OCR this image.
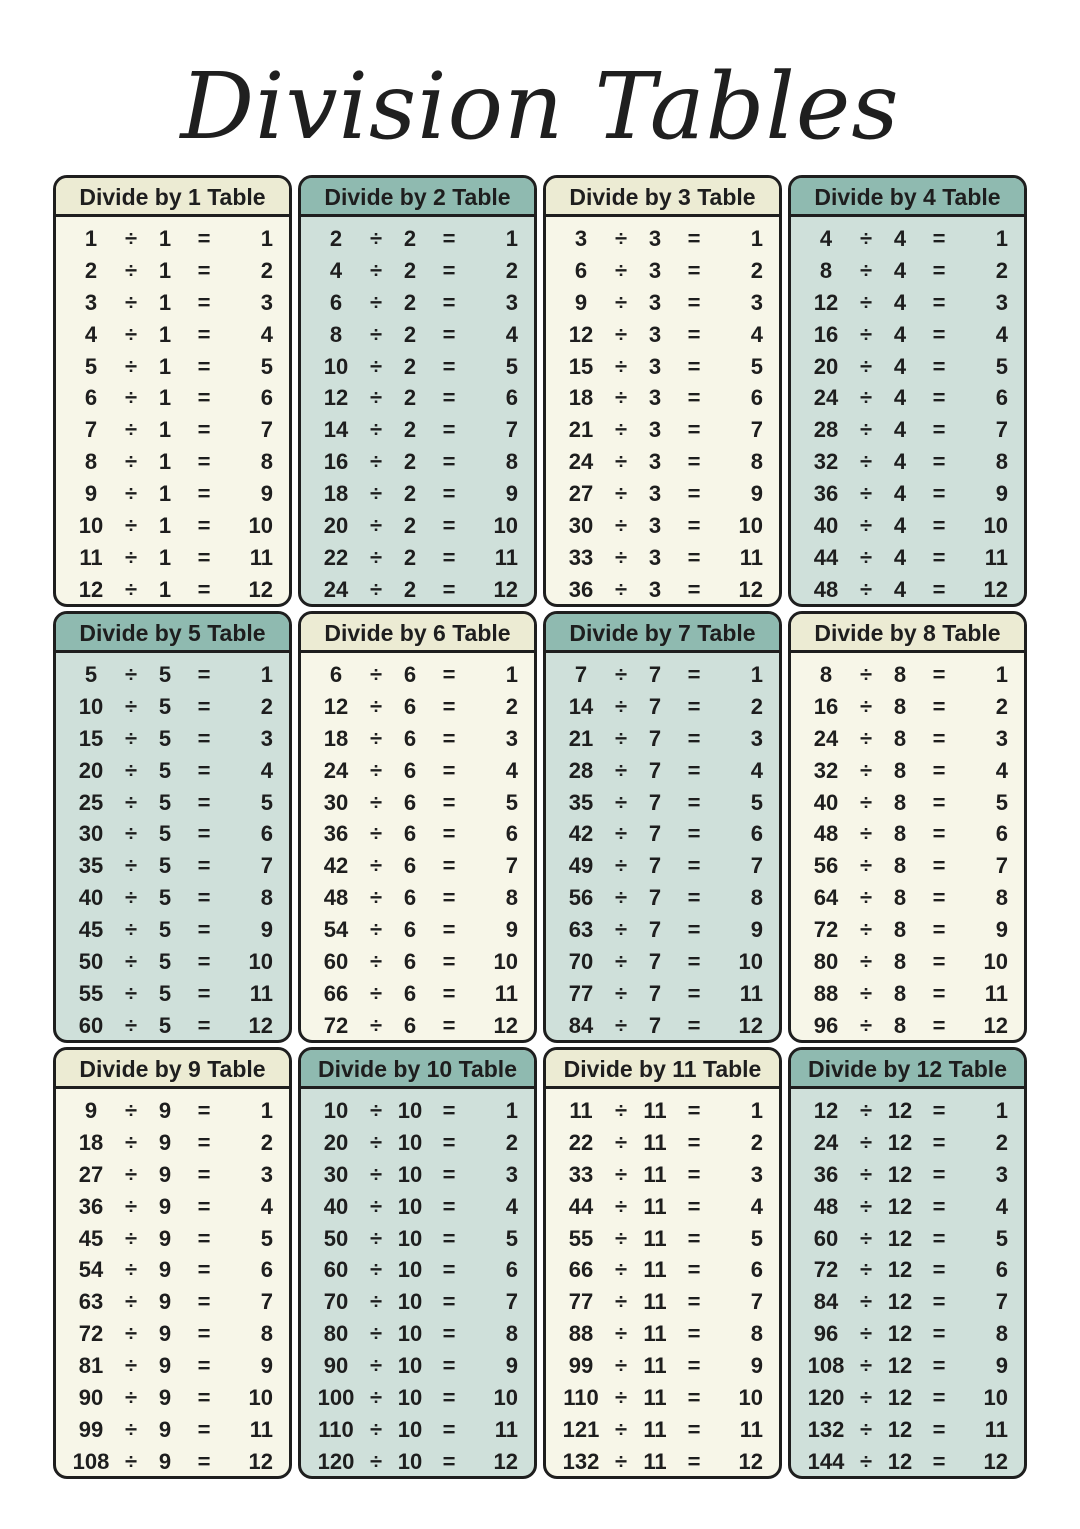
Division Tables
Divide by 1 Table
1	÷ 1	=	1
2	÷ 1	=	2
3	÷ 1	=	3
4	÷ 1	=	4
5	÷ 1	=	5
6	÷ 1	=	6
7	÷ 1	=	7
8	÷ 1	=	8
9	÷ 1	=	9
10 ÷ 1	=	10
11	÷ 1	=	11
12 ÷ 1	=	12
Divide by 2 Table
2	÷ 2	=	1
4	÷ 2	=	2
6	÷ 2	=	3
8	÷ 2	=	4
10 ÷ 2	=	5
12 ÷ 2	=	6
14 ÷ 2	=	7
16 ÷ 2	=	8
18 ÷ 2	=	9
20 ÷ 2	=	10
22 ÷ 2	=	11
24 ÷ 2	=	12
Divide by 3 Table
3	÷ 3	=	1
6	÷ 3	=	2
9	÷ 3	=	3
12 ÷ 3	=	4
15 ÷ 3	=	5
18 ÷ 3	=	6
21 ÷ 3	=	7
24 ÷ 3	=	8
27 ÷ 3	=	9
30 ÷ 3	=	10
33 ÷ 3	=	11
36 ÷ 3	=	12
Divide by 4 Table
4	÷ 4	=	1
8	÷ 4	=	2
12 ÷ 4	=	3
16 ÷ 4	=	4
20 ÷ 4	=	5
24 ÷ 4	=	6
28 ÷ 4	=	7
32 ÷ 4	=	8
36 ÷ 4	=	9
40 ÷ 4	=	10
44 ÷ 4	=	11
48 ÷ 4	=	12
Divide by 5 Table
5	÷ 5	=	1
10 ÷ 5	=	2
15 ÷ 5	=	3
20 ÷ 5	=	4
25 ÷ 5	=	5
30 ÷ 5	=	6
35 ÷ 5	=	7
40 ÷ 5	=	8
45 ÷ 5	=	9
50 ÷ 5	=	10
55 ÷ 5	=	11
60 ÷ 5	=	12
Divide by 6 Table
6	÷ 6	=	1
12 ÷ 6	=	2
18 ÷ 6	=	3
24 ÷ 6	=	4
30 ÷ 6	=	5
36 ÷ 6	=	6
42 ÷ 6	=	7
48 ÷ 6	=	8
54 ÷ 6	=	9
60 ÷ 6	=	10
66 ÷ 6	=	11
72 ÷ 6	=	12
Divide by 7 Table
7	÷ 7	=	1
14 ÷ 7	=	2
21 ÷ 7	=	3
28 ÷ 7	=	4
35 ÷ 7	=	5
42 ÷ 7	=	6
49 ÷ 7	=	7
56 ÷ 7	=	8
63 ÷ 7	=	9
70 ÷ 7	=	10
77 ÷ 7	=	11
84 ÷ 7	=	12
Divide by 8 Table
8	÷ 8	=	1
16 ÷ 8	=	2
24 ÷ 8	=	3
32 ÷ 8	=	4
40 ÷ 8	=	5
48 ÷ 8	=	6
56 ÷ 8	=	7
64 ÷ 8	=	8
72 ÷ 8	=	9
80 ÷ 8	=	10
88 ÷ 8	=	11
96 ÷ 8	=	12
Divide by 9 Table
9	÷ 9	=	1
18 ÷ 9	=	2
27 ÷ 9	=	3
36 ÷ 9	=	4
45 ÷ 9	=	5
54 ÷ 9	=	6
63 ÷ 9	=	7
72 ÷ 9	=	8
81 ÷ 9	=	9
90 ÷ 9	=	10
99 ÷ 9	=	11
108 ÷ 9	=	12
Divide by 10 Table
10 ÷ 10 =	1
20 ÷ 10 =	2
30 ÷ 10 =	3
40 ÷ 10 =	4
50 ÷ 10 =	5
60 ÷ 10 =	6
70 ÷ 10 =	7
80 ÷ 10 =	8
90 ÷ 10 =	9
100 ÷ 10 =	10
110 ÷ 10 =	11
120 ÷ 10 =	12
Divide by 11 Table
11	÷ 11 =	1
22 ÷ 11 =	2
33 ÷ 11 =	3
44 ÷ 11 =	4
55 ÷ 11 =	5
66 ÷ 11 =	6
77 ÷ 11 =	7
88 ÷ 11 =	8
99 ÷ 11 =	9
110 ÷ 11 =	10
121 ÷ 11 =	11
132 ÷ 11 =	12
Divide by 12 Table
12 ÷ 12 =	1
24 ÷ 12 =	2
36 ÷ 12 =	3
48 ÷ 12 =	4
60 ÷ 12 =	5
72 ÷ 12 =	6
84 ÷ 12 =	7
96 ÷ 12 =	8
108 ÷ 12 =	9
120 ÷ 12 =	10
132 ÷ 12 =	11
144 ÷ 12 =	12
